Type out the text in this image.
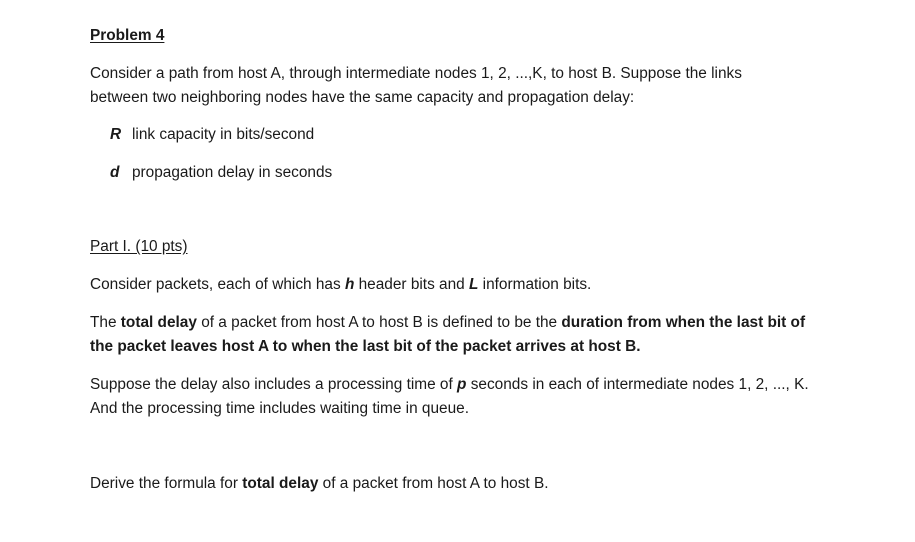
Problem 4
Consider a path from host A, through intermediate nodes 1, 2, ...,K, to host B. Suppose the links
between two neighboring nodes have the same capacity and propagation delay:
R link capacity in bits/second
d propagation delay in seconds
Part I. (10 pts)
Consider packets, each of which has h header bits and L information bits.
The total delay of a packet from host A to host B is defined to be the duration from when the last bit of
the packet leaves host A to when the last bit of the packet arrives at host B.
Suppose the delay also includes a processing time of p seconds in each of intermediate nodes 1, 2, ..., K.
And the processing time includes waiting time in queue.
Derive the formula for total delay of a packet from host A to host B.
